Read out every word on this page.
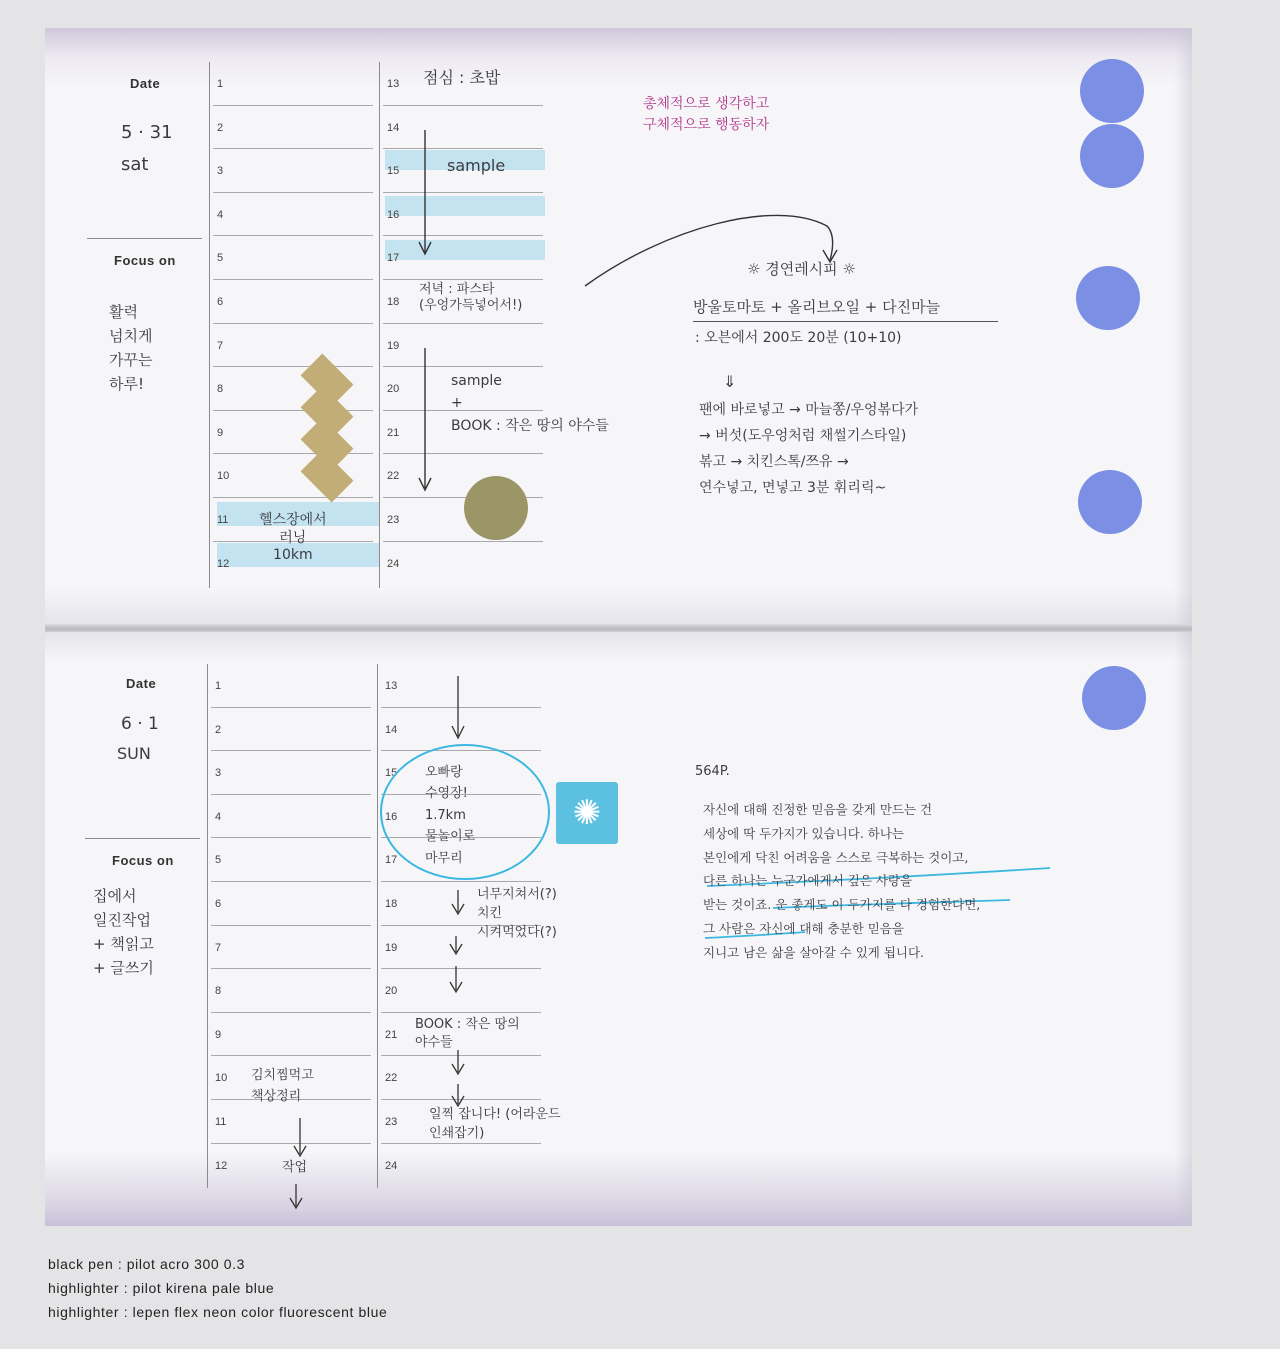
Date
5 · 31
sat
Focus on
활력
넘치게
가꾸는
하루!
1
2
3
4
5
6
7
8
9
10
11
12
13
14
15
16
17
18
19
20
21
22
23
24
점심 : 초밥
sample
저녁 : 파스타
(우엉가득넣어서!)
sample
+
BOOK : 작은 땅의 야수들
헬스장에서
러닝
10km
총체적으로 생각하고
구체적으로 행동하자
☼ 경연레시피 ☼
방울토마토 + 올리브오일 + 다진마늘
: 오븐에서 200도 20분 (10+10)
⇓
팬에 바로넣고 → 마늘쫑/우엉볶다가
→ 버섯(도우엉처럼 채썰기스타일)
볶고 → 치킨스톡/쯔유 →
연수넣고, 면넣고 3분 휘리릭~
Date
6 · 1
SUN
Focus on
집에서
일진작업
+ 책읽고
+ 글쓰기
1
2
3
4
5
6
7
8
9
10
11
12
13
14
15
16
17
18
19
20
21
22
23
24
✺
오빠랑
수영장!
1.7km
물놀이로
마무리
너무지쳐서(?)
치킨
시켜먹었다(?)
BOOK : 작은 땅의
야수들
일찍 잡니다! (어라운드
인쇄잡기)
김치찜먹고
책상정리
작업
564P.
자신에 대해 진정한 믿음을 갖게 만드는 건
세상에 딱 두가지가 있습니다. 하나는
본인에게 닥친 어려움을 스스로 극복하는 것이고,
다른 하나는 누군가에게서 깊은 사랑을
받는 것이죠. 운 좋게도 이 두가지를 다 경험한다면,
그 사람은 자신에 대해 충분한 믿음을
지니고 남은 삶을 살아갈 수 있게 됩니다.
black pen : pilot acro 300 0.3
highlighter : pilot kirena pale blue
highlighter : lepen flex neon color fluorescent blue
